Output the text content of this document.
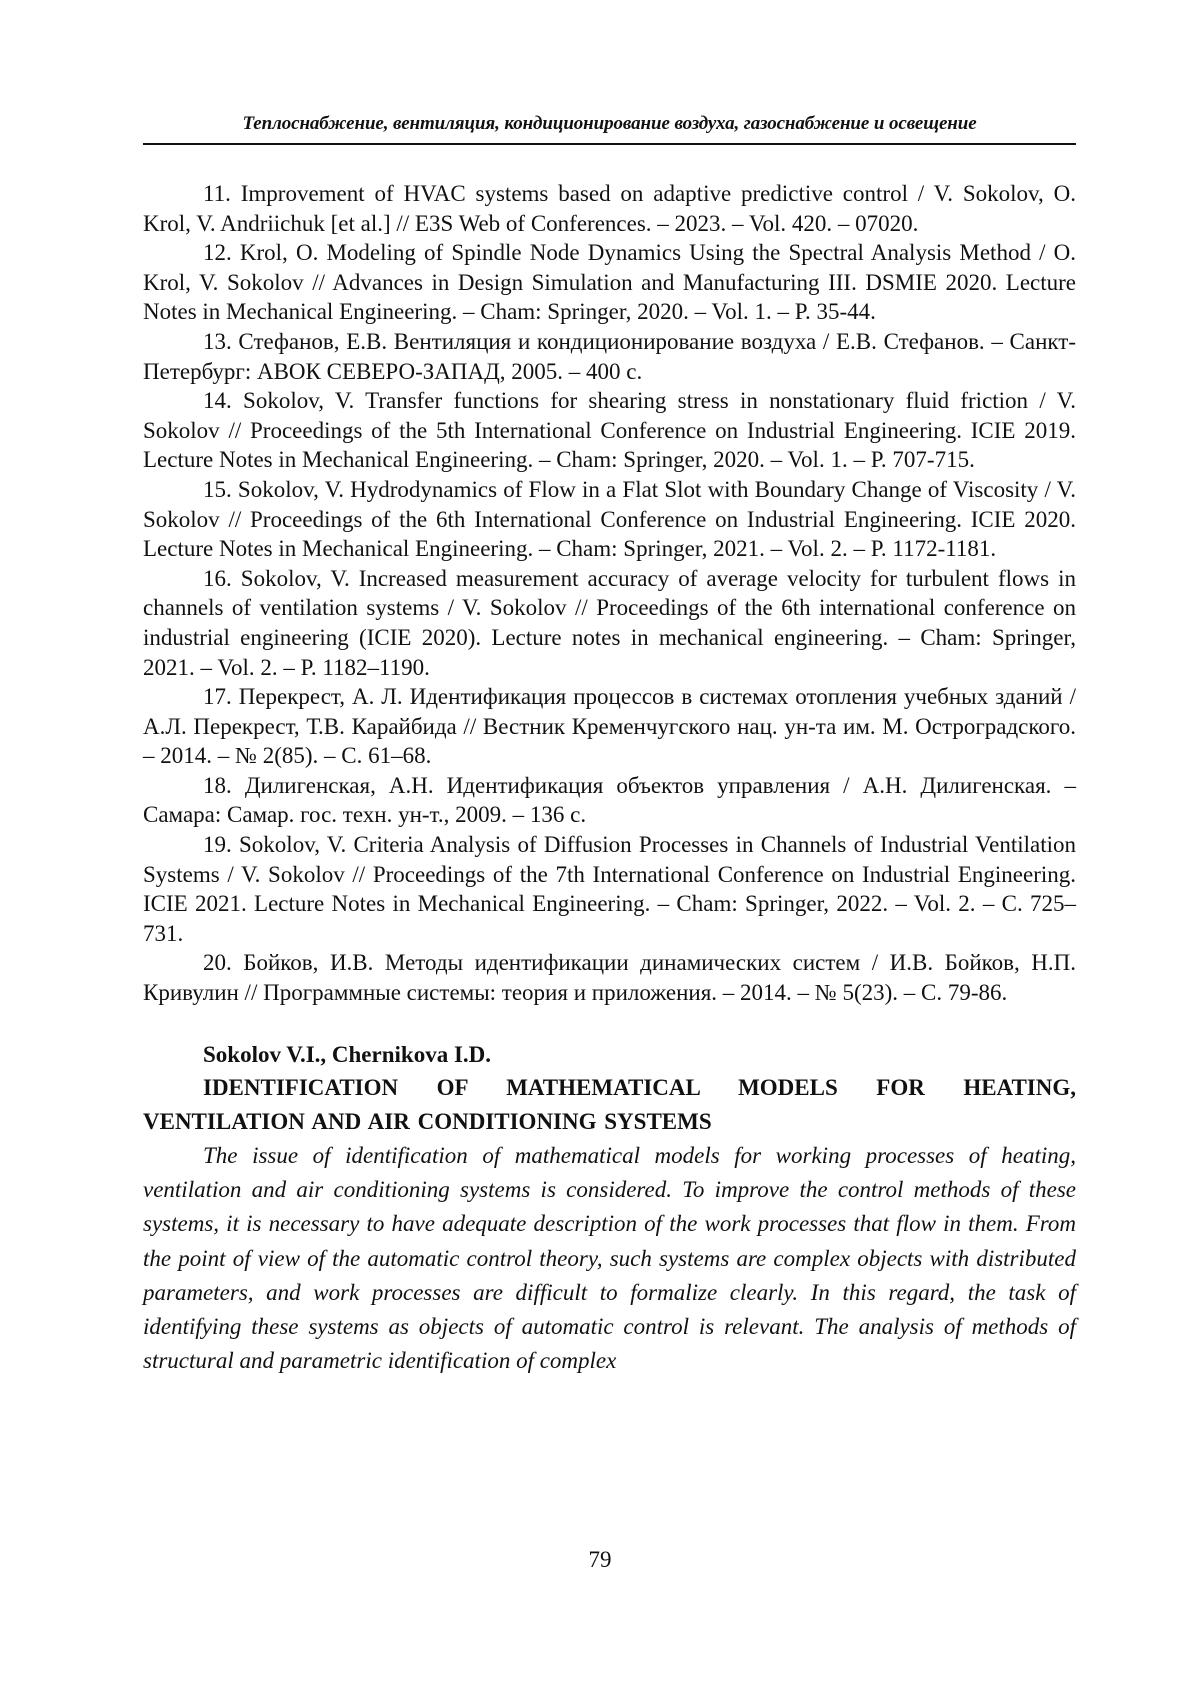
Теплоснабжение, вентиляция, кондиционирование воздуха, газоснабжение и освещение

11. Improvement of HVAC systems based on adaptive predictive control / V. Sokolov, O. Krol, V. Andriichuk [et al.] // E3S Web of Conferences. – 2023. – Vol. 420. – 07020.

12. Krol, O. Modeling of Spindle Node Dynamics Using the Spectral Analysis Method / O. Krol, V. Sokolov // Advances in Design Simulation and Manufacturing III. DSMIE 2020. Lecture Notes in Mechanical Engineering. – Cham: Springer, 2020. – Vol. 1. – P. 35-44.

13. Стефанов, Е.В. Вентиляция и кондиционирование воздуха / Е.В. Стефанов. – Санкт-Петербург: АВОК СЕВЕРО-ЗАПАД, 2005. – 400 с.

14. Sokolov, V. Transfer functions for shearing stress in nonstationary fluid friction / V. Sokolov // Proceedings of the 5th International Conference on Industrial Engineering. ICIE 2019. Lecture Notes in Mechanical Engineering. – Cham: Springer, 2020. – Vol. 1. – P. 707-715.

15. Sokolov, V. Hydrodynamics of Flow in a Flat Slot with Boundary Change of Viscosity / V. Sokolov // Proceedings of the 6th International Conference on Industrial Engineering. ICIE 2020. Lecture Notes in Mechanical Engineering. – Cham: Springer, 2021. – Vol. 2. – P. 1172-1181.

16. Sokolov, V. Increased measurement accuracy of average velocity for turbulent flows in channels of ventilation systems / V. Sokolov // Proceedings of the 6th international conference on industrial engineering (ICIE 2020). Lecture notes in mechanical engineering. – Cham: Springer, 2021. – Vol. 2. – P. 1182–1190.

17. Перекрест, А. Л. Идентификация процессов в системах отопления учебных зданий / А.Л. Перекрест, Т.В. Карайбида // Вестник Кременчугского нац. ун-та им. М. Остроградского. – 2014. – № 2(85). – С. 61–68.

18. Дилигенская, А.Н. Идентификация объектов управления / А.Н. Дилигенская. – Самара: Самар. гос. техн. ун-т., 2009. – 136 с.

19. Sokolov, V. Criteria Analysis of Diffusion Processes in Channels of Industrial Ventilation Systems / V. Sokolov // Proceedings of the 7th International Conference on Industrial Engineering. ICIE 2021. Lecture Notes in Mechanical Engineering. – Cham: Springer, 2022. – Vol. 2. – С. 725–731.

20. Бойков, И.В. Методы идентификации динамических систем / И.В. Бойков, Н.П. Кривулин // Программные системы: теория и приложения. – 2014. – № 5(23). – С. 79-86.

Sokolov V.I., Chernikova I.D.

IDENTIFICATION OF MATHEMATICAL MODELS FOR HEATING, VENTILATION AND AIR CONDITIONING SYSTEMS

The issue of identification of mathematical models for working processes of heating, ventilation and air conditioning systems is considered. To improve the control methods of these systems, it is necessary to have adequate description of the work processes that flow in them. From the point of view of the automatic control theory, such systems are complex objects with distributed parameters, and work processes are difficult to formalize clearly. In this regard, the task of identifying these systems as objects of automatic control is relevant. The analysis of methods of structural and parametric identification of complex

79
